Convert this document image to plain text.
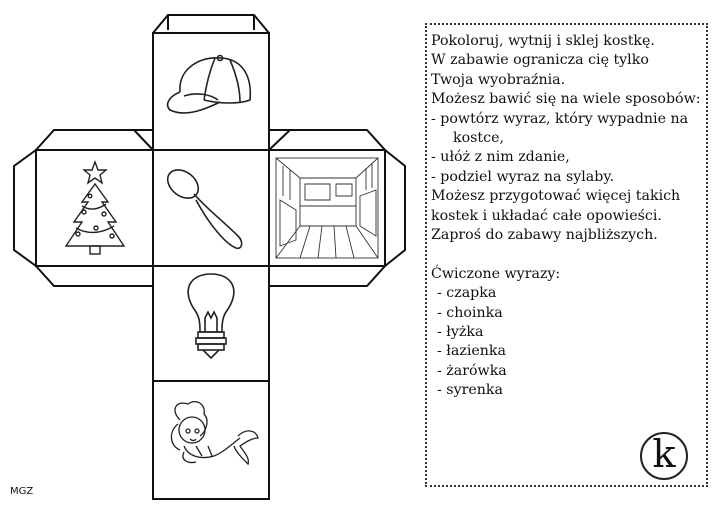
Pokoloruj, wytnij i sklej kostkę.
W zabawie ogranicza cię tylko
Twoja wyobraźnia.
Możesz bawić się na wiele sposobów:
- powtórz wyraz, który wypadnie na
kostce,
- ułóż z nim zdanie,
- podziel wyraz na sylaby.
Możesz przygotować więcej takich
kostek i układać całe opowieści.
Zaproś do zabawy najbliższych.
Ćwiczone wyrazy:
- czapka
- choinka
- łyżka
- łazienka
- żarówka
- syrenka
k
MGZ
